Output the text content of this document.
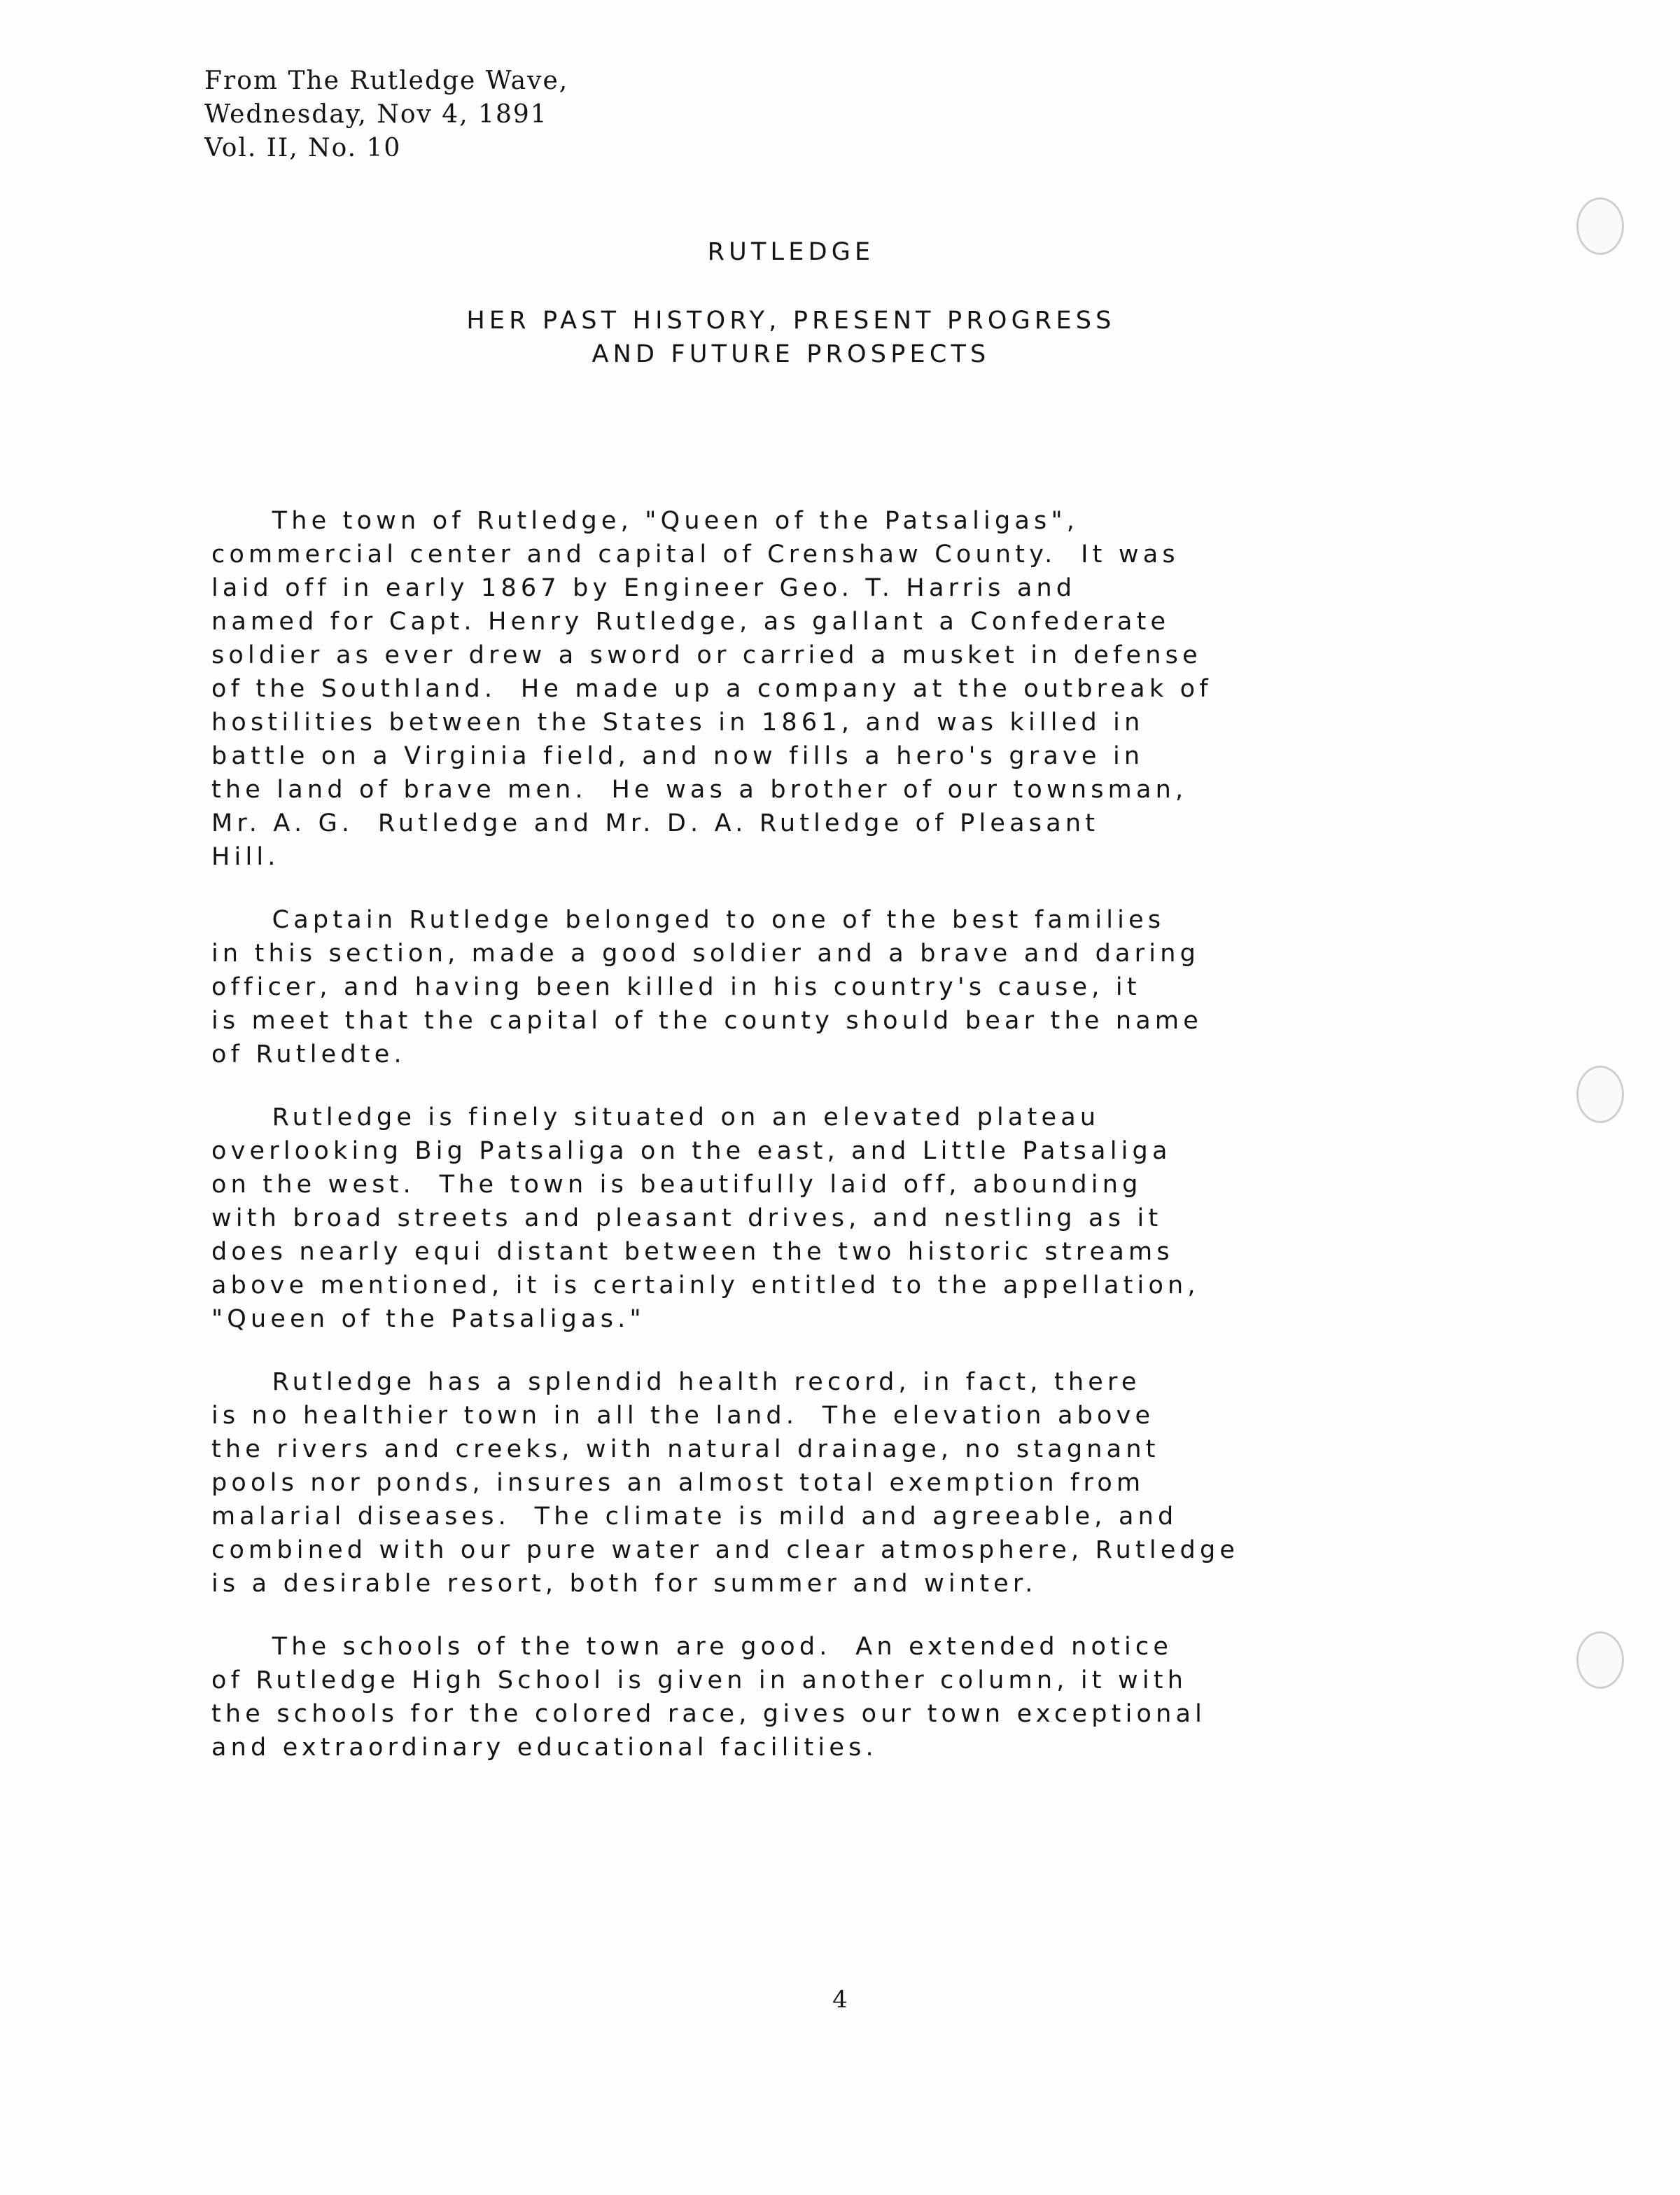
From The Rutledge Wave,
Wednesday, Nov 4, 1891
Vol. II, No. 10
RUTLEDGE
HER PAST HISTORY, PRESENT PROGRESS
AND FUTURE PROSPECTS
The town of Rutledge, "Queen of the Patsaligas",
commercial center and capital of Crenshaw County.  It was
laid off in early 1867 by Engineer Geo. T. Harris and
named for Capt. Henry Rutledge, as gallant a Confederate
soldier as ever drew a sword or carried a musket in defense
of the Southland.  He made up a company at the outbreak of
hostilities between the States in 1861, and was killed in
battle on a Virginia field, and now fills a hero's grave in
the land of brave men.  He was a brother of our townsman,
Mr. A. G.  Rutledge and Mr. D. A. Rutledge of Pleasant
Hill.
Captain Rutledge belonged to one of the best families
in this section, made a good soldier and a brave and daring
officer, and having been killed in his country's cause, it
is meet that the capital of the county should bear the name
of Rutledte.
Rutledge is finely situated on an elevated plateau
overlooking Big Patsaliga on the east, and Little Patsaliga
on the west.  The town is beautifully laid off, abounding
with broad streets and pleasant drives, and nestling as it
does nearly equi distant between the two historic streams
above mentioned, it is certainly entitled to the appellation,
"Queen of the Patsaligas."
Rutledge has a splendid health record, in fact, there
is no healthier town in all the land.  The elevation above
the rivers and creeks, with natural drainage, no stagnant
pools nor ponds, insures an almost total exemption from
malarial diseases.  The climate is mild and agreeable, and
combined with our pure water and clear atmosphere, Rutledge
is a desirable resort, both for summer and winter.
The schools of the town are good.  An extended notice
of Rutledge High School is given in another column, it with
the schools for the colored race, gives our town exceptional
and extraordinary educational facilities.
4
